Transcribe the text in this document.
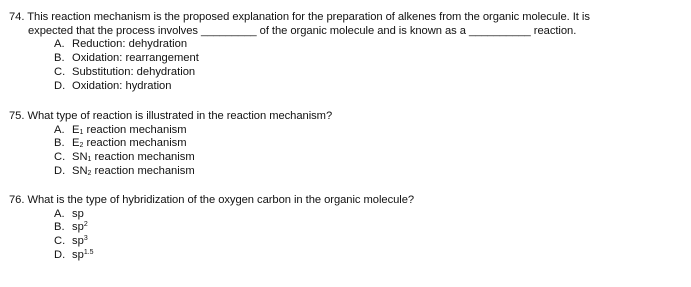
74. This reaction mechanism is the proposed explanation for the preparation of alkenes from the organic molecule. It is
expected that the process involves _________ of the organic molecule and is known as a __________ reaction.
A. Reduction: dehydration
B. Oxidation: rearrangement
C. Substitution: dehydration
D. Oxidation: hydration
75. What type of reaction is illustrated in the reaction mechanism?
A. $E_1$ reaction mechanism
B. $E_2$ reaction mechanism
C. $SN_1$ reaction mechanism
D. $SN_2$ reaction mechanism
76. What is the type of hybridization of the oxygen carbon in the organic molecule?
A. sp
B. $sp^2$
C. $sp^3$
D. $sp^{1.5}$
